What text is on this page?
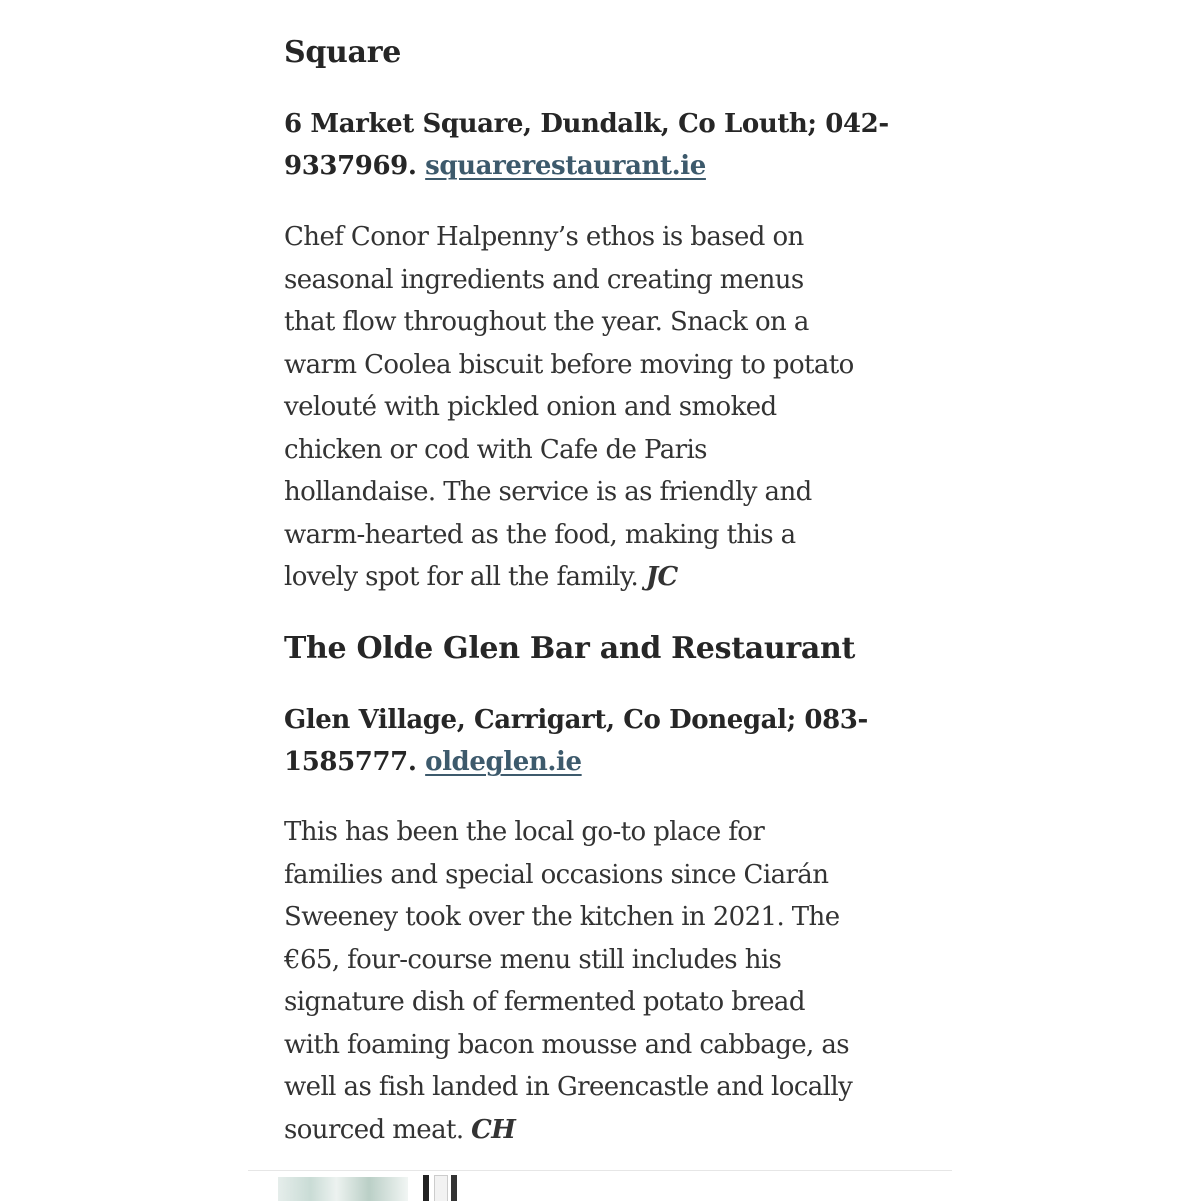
Square

6 Market Square, Dundalk, Co Louth; 042-
9337969. squarerestaurant.ie

Chef Conor Halpenny’s ethos is based on
seasonal ingredients and creating menus
that flow throughout the year. Snack on a
warm Coolea biscuit before moving to potato
velouté with pickled onion and smoked
chicken or cod with Cafe de Paris
hollandaise. The service is as friendly and
warm-hearted as the food, making this a
lovely spot for all the family. JC

The Olde Glen Bar and Restaurant

Glen Village, Carrigart, Co Donegal; 083-
1585777. oldeglen.ie

This has been the local go-to place for
families and special occasions since Ciarán
Sweeney took over the kitchen in 2021. The
€65, four-course menu still includes his
signature dish of fermented potato bread
with foaming bacon mousse and cabbage, as
well as fish landed in Greencastle and locally
sourced meat. CH
